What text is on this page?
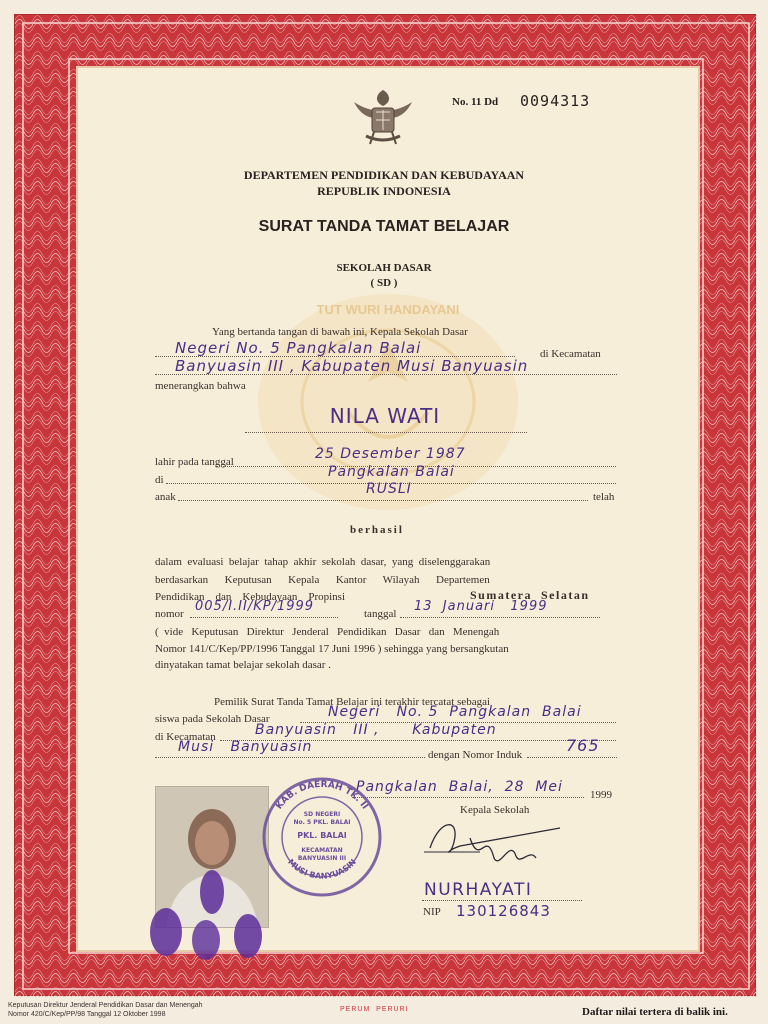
TUT WURI HANDAYANI
No. 11 Dd 0094313
DEPARTEMEN PENDIDIKAN DAN KEBUDAYAAN
REPUBLIK INDONESIA
SURAT TANDA TAMAT BELAJAR
SEKOLAH DASAR
( SD )
Yang bertanda tangan di bawah ini, Kepala Sekolah Dasar
Negeri No. 5 Pangkalan Balai	di Kecamatan
Banyuasin III , Kabupaten Musi Banyuasin
menerangkan bahwa
NILA WATI
lahir pada tanggal	25 Desember 1987
di	Pangkalan Balai
anak	RUSLI	telah
berhasil
dalam  evaluasi  belajar  tahap  akhir  sekolah  dasar,  yang  diselenggarakan
berdasarkan      Keputusan      Kepala      Kantor      Wilayah      Departemen
Pendidikan    dan    Kebudayaan    Propinsi	Sumatera  Selatan
nomor 005/I.II/KP/1999	tanggal 13  Januari   1999
(  vide   Keputusan   Direktur   Jenderal   Pendidikan   Dasar   dan   Menengah
Nomor 141/C/Kep/PP/1996 Tanggal 17 Juni 1996 ) sehingga yang bersangkutan
dinyatakan tamat belajar sekolah dasar .
Pemilik Surat Tanda Tamat Belajar ini terakhir tercatat sebagai
siswa pada Sekolah Dasar	Negeri   No. 5  Pangkalan  Balai
di Kecamatan	Banyuasin   III ,      Kabupaten
Musi   Banyuasin	dengan Nomor Induk	765
Pangkalan  Balai,  28  Mei 1999
Kepala Sekolah
NURHAYATI
NIP 130126843
KAB. DAERAH TK. II
MUSI BANYUASIN
SD NEGERI
No. 5 PKL. BALAI
PKL. BALAI
KECAMATAN
BANYUASIN III
Keputusan Direktur Jenderal Pendidikan Dasar dan Menengah
Nomor 420/C/Kep/PP/98 Tanggal 12 Oktober 1998
PERUM  PERURI	Daftar nilai tertera di balik ini.
